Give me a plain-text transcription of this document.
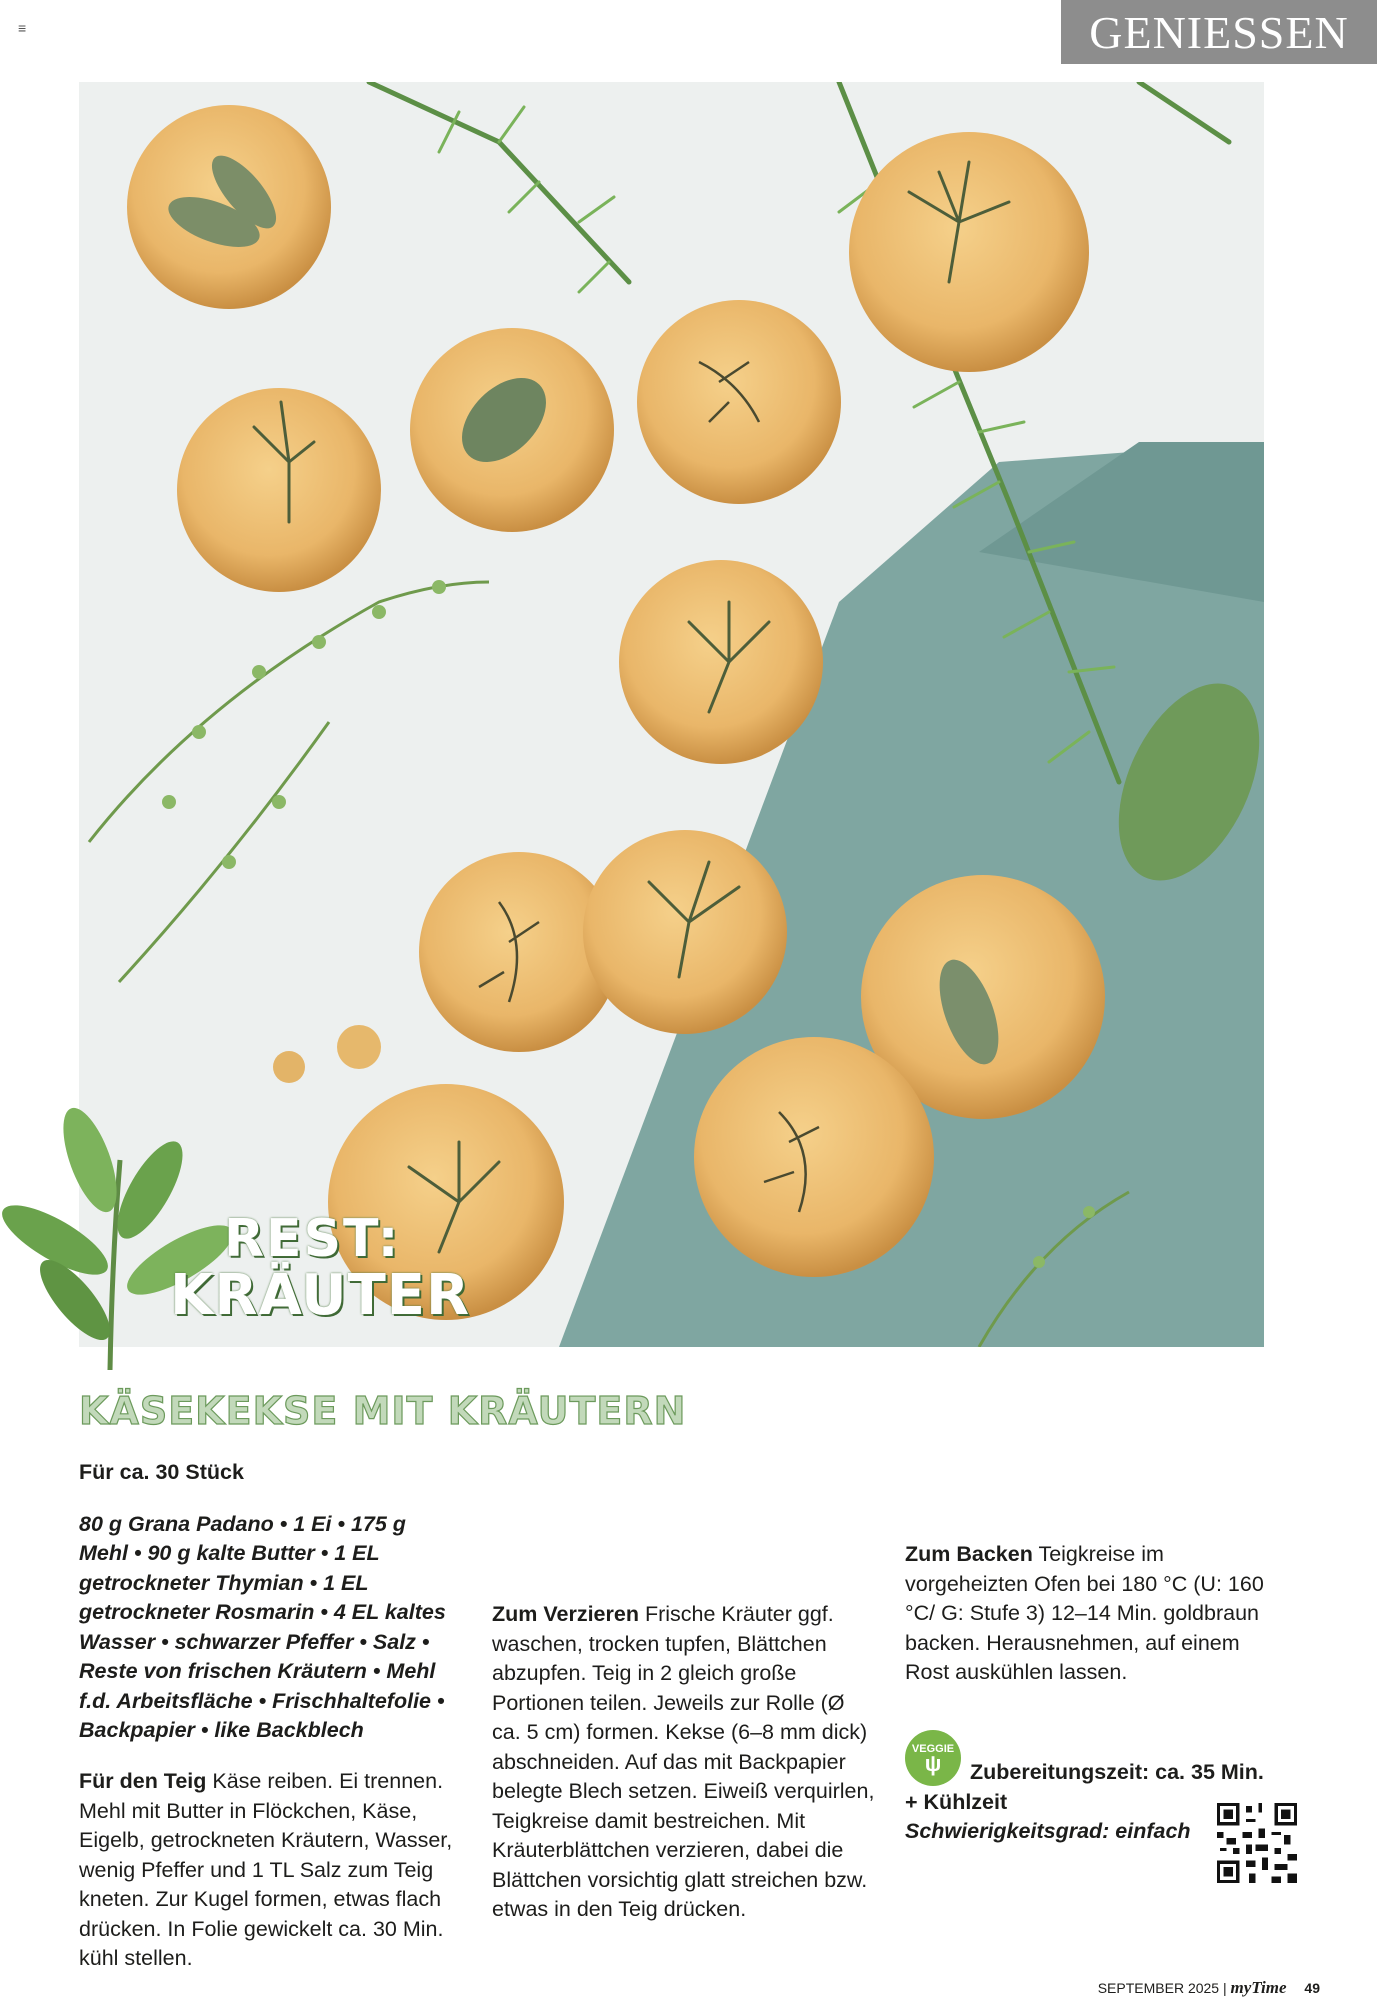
≡	GENIESSEN
REST:
KRÄUTER
KÄSEKEKSE MIT KRÄUTERN

Für ca. 30 Stück

80 g Grana Padano • 1 Ei • 175 g Mehl • 90 g kalte Butter • 1 EL getrockneter Thymian • 1 EL getrockneter Rosmarin • 4 EL kaltes Wasser • schwarzer Pfeffer • Salz • Reste von frischen Kräutern • Mehl f.d. Arbeitsfläche • Frischhaltefolie • Backpapier • like Backblech

Für den Teig Käse reiben. Ei trennen. Mehl mit Butter in Flöckchen, Käse, Eigelb, getrockneten Kräutern, Wasser, wenig Pfeffer und 1 TL Salz zum Teig kneten. Zur Kugel formen, etwas flach drücken. In Folie gewickelt ca. 30 Min. kühl stellen.
Zum Verzieren Frische Kräuter ggf. waschen, trocken tupfen, Blättchen abzupfen. Teig in 2 gleich große Portionen teilen. Jeweils zur Rolle (Ø ca. 5 cm) formen. Kekse (6–8 mm dick) abschneiden. Auf das mit Backpapier belegte Blech setzen. Eiweiß verquirlen, Teigkreise damit bestreichen. Mit Kräuterblättchen verzieren, dabei die Blättchen vorsichtig glatt streichen bzw. etwas in den Teig drücken.
Zum Backen Teigkreise im vorgeheizten Ofen bei 180 °C (U: 160 °C/ G: Stufe 3) 12–14 Min. goldbraun backen. Herausnehmen, auf einem Rost auskühlen lassen.
VEGGIE
ψ	Zubereitungszeit: ca. 35 Min.
+ Kühlzeit
Schwierigkeitsgrad: einfach
SEPTEMBER 2025 | myTime 49
